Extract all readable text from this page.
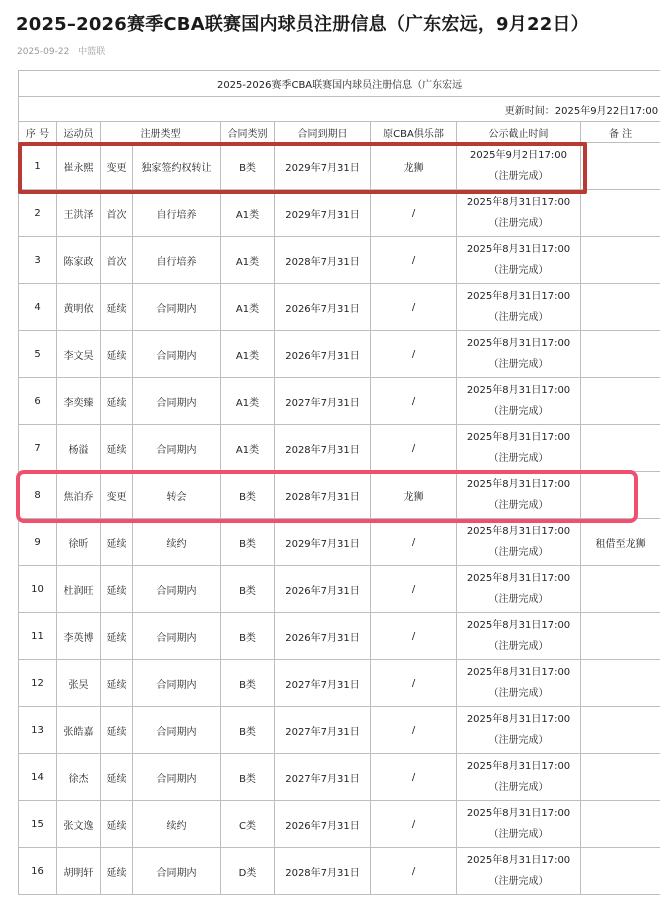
2025–2026赛季CBA联赛国内球员注册信息（广东宏远，9月22日）
2025-09-22 中篮联
2025-2026赛季CBA联赛国内球员注册信息（广东宏远								
更新时间：2025年9月22日17:00								
序 号	运动员	注册类型		合同类别	合同到期日	原CBA俱乐部	公示截止时间	备 注
1	崔永熙	变更	独家签约权转让	B类	2029年7月31日	龙狮	2025年9月2日17:00
（注册完成）	

2	王洪泽	首次	自行培养	A1类	2029年7月31日	/	2025年8月31日17:00
（注册完成）	

3	陈家政	首次	自行培养	A1类	2028年7月31日	/	2025年8月31日17:00
（注册完成）	

4	黄明依	延续	合同期内	A1类	2026年7月31日	/	2025年8月31日17:00
（注册完成）	

5	李文昊	延续	合同期内	A1类	2026年7月31日	/	2025年8月31日17:00
（注册完成）	

6	李奕臻	延续	合同期内	A1类	2027年7月31日	/	2025年8月31日17:00
（注册完成）	

7	杨溢	延续	合同期内	A1类	2028年7月31日	/	2025年8月31日17:00
（注册完成）	

8	焦泊乔	变更	转会	B类	2028年7月31日	龙狮	2025年8月31日17:00
（注册完成）	

9	徐昕	延续	续约	B类	2029年7月31日	/	2025年8月31日17:00
（注册完成）	租借至龙狮
10	杜润旺	延续	合同期内	B类	2026年7月31日	/	2025年8月31日17:00
（注册完成）	

11	李英博	延续	合同期内	B类	2026年7月31日	/	2025年8月31日17:00
（注册完成）	

12	张昊	延续	合同期内	B类	2027年7月31日	/	2025年8月31日17:00
（注册完成）	

13	张皓嘉	延续	合同期内	B类	2027年7月31日	/	2025年8月31日17:00
（注册完成）	

14	徐杰	延续	合同期内	B类	2027年7月31日	/	2025年8月31日17:00
（注册完成）	

15	张文逸	延续	续约	C类	2026年7月31日	/	2025年8月31日17:00
（注册完成）	

16	胡明轩	延续	合同期内	D类	2028年7月31日	/	2025年8月31日17:00
（注册完成）	
